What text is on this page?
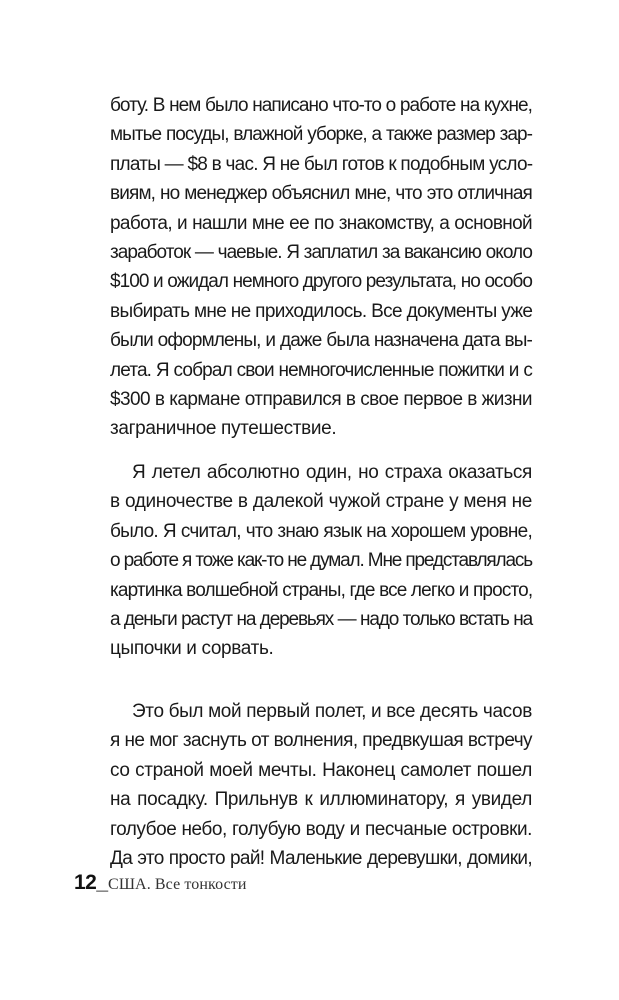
боту. В нем было написано что-то о работе на кухне,
мытье посуды, влажной уборке, а также размер зар-
платы — $8 в час. Я не был готов к подобным усло-
виям, но менеджер объяснил мне, что это отличная
работа, и нашли мне ее по знакомству, а основной
заработок — чаевые. Я заплатил за вакансию около
$100 и ожидал немного другого результата, но особо
выбирать мне не приходилось. Все документы уже
были оформлены, и даже была назначена дата вы-
лета. Я собрал свои немногочисленные пожитки и с
$300 в кармане отправился в свое первое в жизни
заграничное путешествие.
Я летел абсолютно один, но страха оказаться
в одиночестве в далекой чужой стране у меня не
было. Я считал, что знаю язык на хорошем уровне,
о работе я тоже как-то не думал. Мне представлялась
картинка волшебной страны, где все легко и просто,
а деньги растут на деревьях — надо только встать на
цыпочки и сорвать.
Это был мой первый полет, и все десять часов
я не мог заснуть от волнения, предвкушая встречу
со страной моей мечты. Наконец самолет пошел
на посадку. Прильнув к иллюминатору, я увидел
голубое небо, голубую воду и песчаные островки.
Да это просто рай! Маленькие деревушки, домики,
12_США. Все тонкости
